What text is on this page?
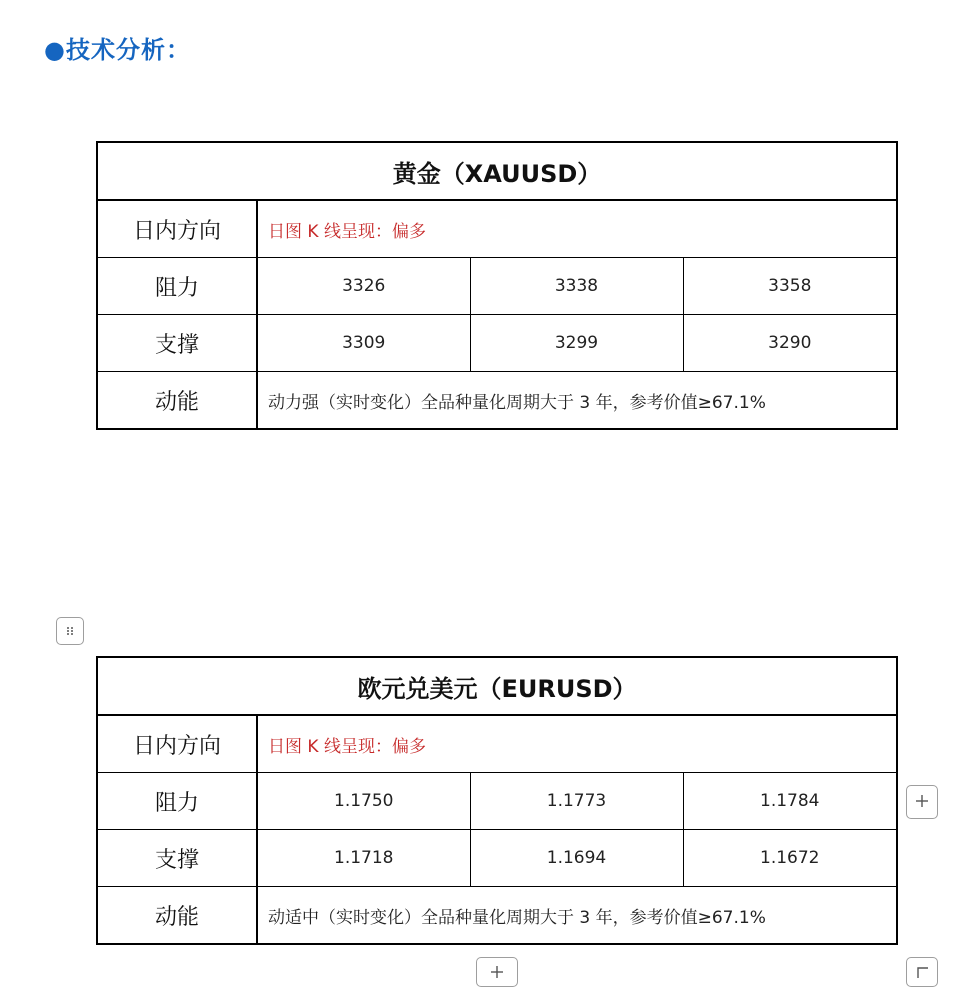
●技术分析：
黄金（XAUUSD）			
日内方向	日图 K 线呈现：偏多		
阻力	3326	3338	3358
支撑	3309	3299	3290
动能	动力强（实时变化）全品种量化周期大于 3 年，参考价值≥67.1%		
欧元兑美元（EURUSD）			
日内方向	日图 K 线呈现：偏多		
阻力	1.1750	1.1773	1.1784
支撑	1.1718	1.1694	1.1672
动能	动适中（实时变化）全品种量化周期大于 3 年，参考价值≥67.1%		
